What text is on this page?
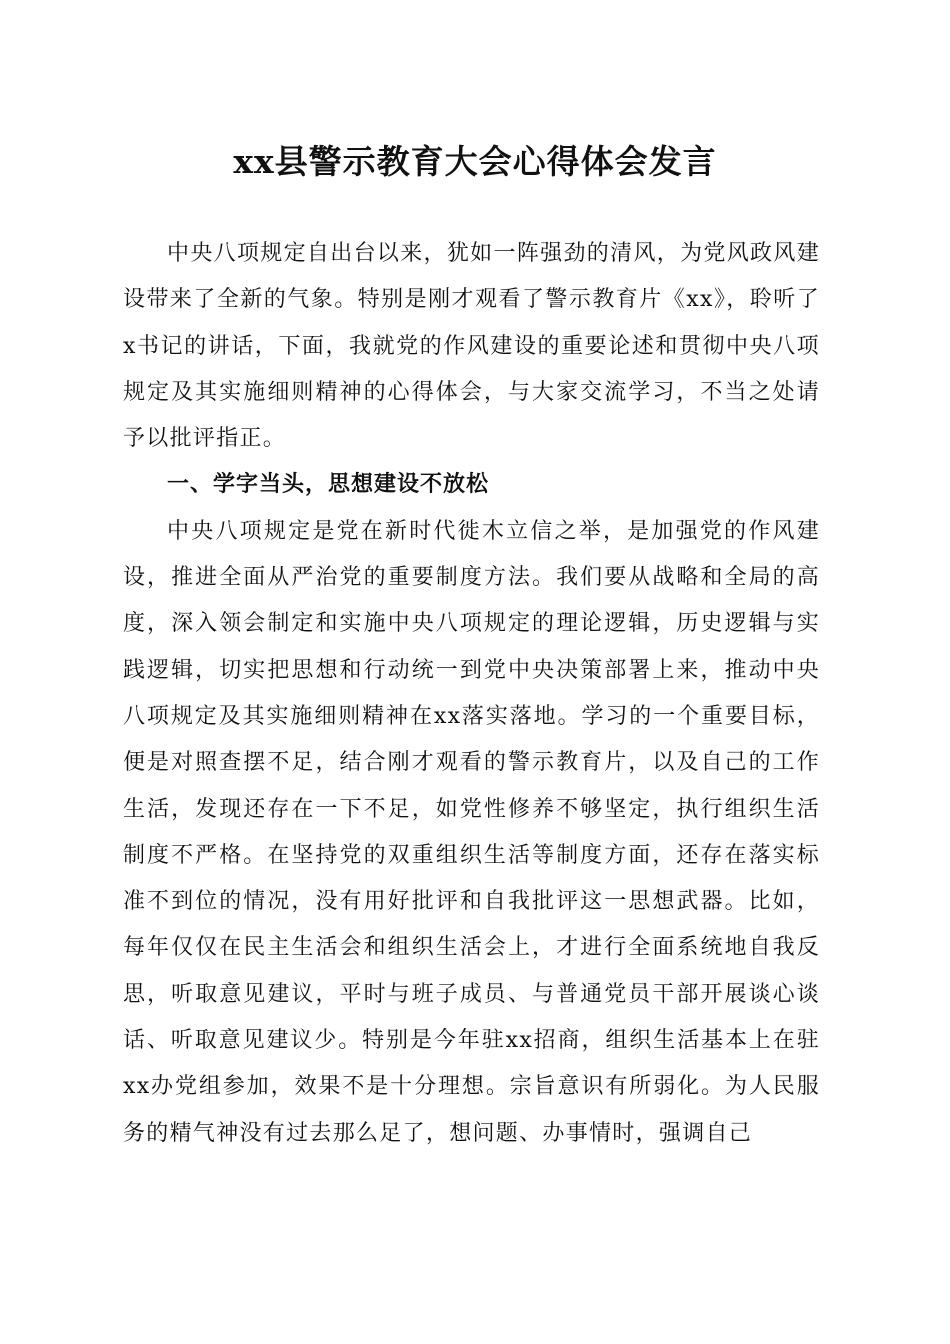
xx县警示教育大会心得体会发言

中央八项规定自出台以来，犹如一阵强劲的清风，为党风政风建设带来了全新的气象。特别是刚才观看了警示教育片《xx》，聆听了x书记的讲话，下面，我就党的作风建设的重要论述和贯彻中央八项规定及其实施细则精神的心得体会，与大家交流学习，不当之处请予以批评指正。

一、学字当头，思想建设不放松

中央八项规定是党在新时代徙木立信之举，是加强党的作风建设，推进全面从严治党的重要制度方法。我们要从战略和全局的高度，深入领会制定和实施中央八项规定的理论逻辑，历史逻辑与实践逻辑，切实把思想和行动统一到党中央决策部署上来，推动中央八项规定及其实施细则精神在xx落实落地。学习的一个重要目标，便是对照查摆不足，结合刚才观看的警示教育片，以及自己的工作生活，发现还存在一下不足，如党性修养不够坚定，执行组织生活制度不严格。在坚持党的双重组织生活等制度方面，还存在落实标准不到位的情况，没有用好批评和自我批评这一思想武器。比如，每年仅仅在民主生活会和组织生活会上，才进行全面系统地自我反思，听取意见建议，平时与班子成员、与普通党员干部开展谈心谈话、听取意见建议少。特别是今年驻xx招商，组织生活基本上在驻xx办党组参加，效果不是十分理想。宗旨意识有所弱化。为人民服务的精气神没有过去那么足了，想问题、办事情时，强调自己
